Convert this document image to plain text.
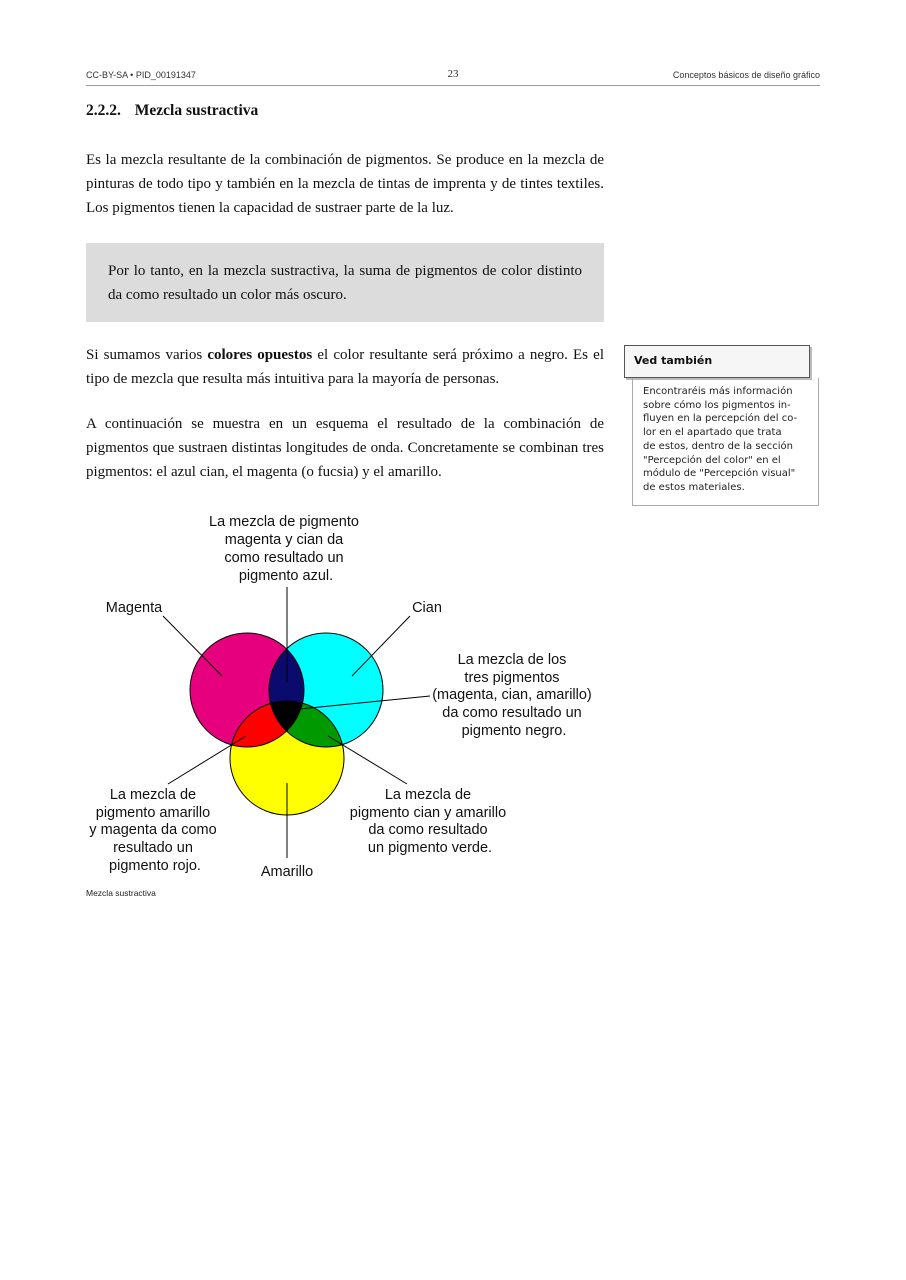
CC-BY-SA • PID_00191347	23	Conceptos básicos de diseño gráfico
2.2.2. Mezcla sustractiva

Es la mezcla resultante de la combinación de pigmentos. Se produce en la mezcla de pinturas de todo tipo y también en la mezcla de tintas de imprenta y de tintes textiles. Los pigmentos tienen la capacidad de sustraer parte de la luz.

Por lo tanto, en la mezcla sustractiva, la suma de pigmentos de color distinto da como resultado un color más oscuro.

Si sumamos varios colores opuestos el color resultante será próximo a negro. Es el tipo de mezcla que resulta más intuitiva para la mayoría de personas.

A continuación se muestra en un esquema el resultado de la combinación de pigmentos que sustraen distintas longitudes de onda. Concretamente se combinan tres pigmentos: el azul cian, el magenta (o fucsia) y el amarillo.

Ved también
Encontraréis más información
sobre cómo los pigmentos in-
fluyen en la percepción del co-
lor en el apartado que trata
de estos, dentro de la sección
"Percepción del color" en el
módulo de "Percepción visual"
de estos materiales.
Magenta	Cian
Amarillo
La mezcla de pigmento magenta y cian da como resultado un pigmento azul.
La mezcla de los tres pigmentos (magenta, cian, amarillo) da como resultado un pigmento negro.
La mezcla de pigmento amarillo y magenta da como resultado un pigmento rojo.
La mezcla de pigmento cian y amarillo da como resultado un pigmento verde.
Mezcla sustractiva
